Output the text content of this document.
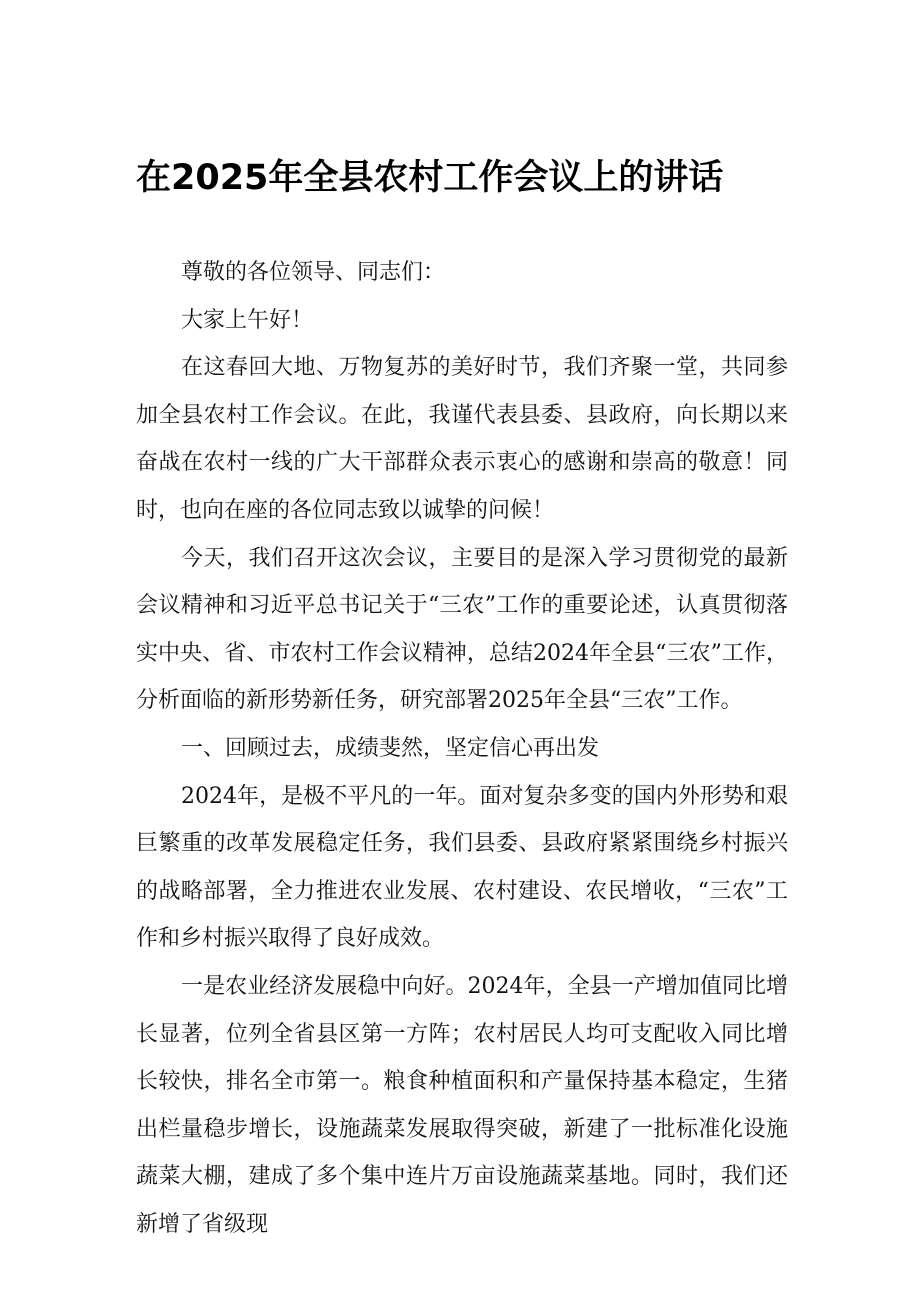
在2025年全县农村工作会议上的讲话

尊敬的各位领导、同志们：

大家上午好！

在这春回大地、万物复苏的美好时节，我们齐聚一堂，共同参加全县农村工作会议。在此，我谨代表县委、县政府，向长期以来奋战在农村一线的广大干部群众表示衷心的感谢和崇高的敬意！同时，也向在座的各位同志致以诚挚的问候！

今天，我们召开这次会议，主要目的是深入学习贯彻党的最新会议精神和习近平总书记关于“三农”工作的重要论述，认真贯彻落实中央、省、市农村工作会议精神，总结2024年全县“三农”工作，分析面临的新形势新任务，研究部署2025年全县“三农”工作。

一、回顾过去，成绩斐然，坚定信心再出发

2024年，是极不平凡的一年。面对复杂多变的国内外形势和艰巨繁重的改革发展稳定任务，我们县委、县政府紧紧围绕乡村振兴的战略部署，全力推进农业发展、农村建设、农民增收，“三农”工作和乡村振兴取得了良好成效。

一是农业经济发展稳中向好。2024年，全县一产增加值同比增长显著，位列全省县区第一方阵；农村居民人均可支配收入同比增长较快，排名全市第一。粮食种植面积和产量保持基本稳定，生猪出栏量稳步增长，设施蔬菜发展取得突破，新建了一批标准化设施蔬菜大棚，建成了多个集中连片万亩设施蔬菜基地。同时，我们还新增了省级现
